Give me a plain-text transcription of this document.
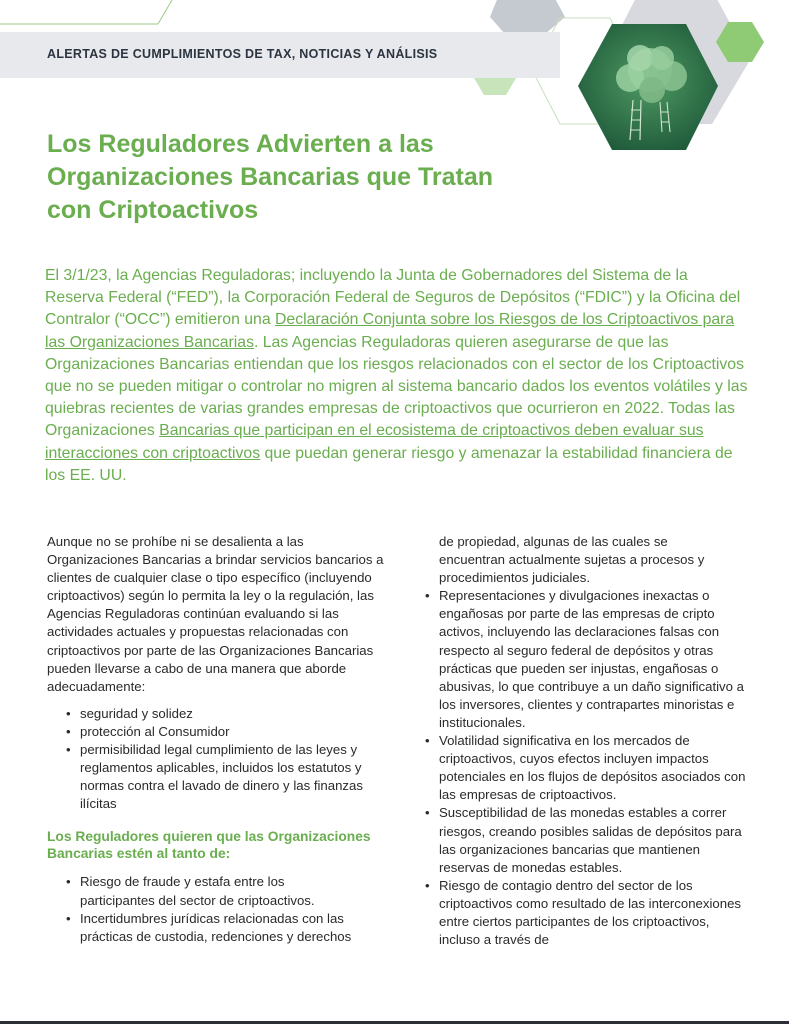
ALERTAS DE CUMPLIMIENTOS DE TAX, NOTICIAS Y ANÁLISIS
Los Reguladores Advierten a las
Organizaciones Bancarias que Tratan
con Criptoactivos

El 3/1/23, la Agencias Reguladoras; incluyendo la Junta de Gobernadores del Sistema de la Reserva Federal (“FED”), la Corporación Federal de Seguros de Depósitos (“FDIC”) y la Oficina del Contralor (“OCC”) emitieron una Declaración Conjunta sobre los Riesgos de los Criptoactivos para las Organizaciones Bancarias. Las Agencias Reguladoras quieren asegurarse de que las Organizaciones Bancarias entiendan que los riesgos relacionados con el sector de los Criptoactivos que no se pueden mitigar o controlar no migren al sistema bancario dados los eventos volátiles y las quiebras recientes de varias grandes empresas de criptoactivos que ocurrieron en 2022. Todas las Organizaciones Bancarias que participan en el ecosistema de criptoactivos deben evaluar sus interacciones con criptoactivos que puedan generar riesgo y amenazar la estabilidad financiera de los EE. UU.

Aunque no se prohíbe ni se desalienta a las Organizaciones Bancarias a brindar servicios bancarios a clientes de cualquier clase o tipo específico (incluyendo criptoactivos) según lo permita la ley o la regulación, las Agencias Reguladoras continúan evaluando si las actividades actuales y propuestas relacionadas con criptoactivos por parte de las Organizaciones Bancarias pueden llevarse a cabo de una manera que aborde adecuadamente:

• seguridad y solidez
• protección al Consumidor
• permisibilidad legal cumplimiento de las leyes y reglamentos aplicables, incluidos los estatutos y normas contra el lavado de dinero y las finanzas ilícitas

Los Reguladores quieren que las Organizaciones Bancarias estén al tanto de:

• Riesgo de fraude y estafa entre los participantes del sector de criptoactivos.
• Incertidumbres jurídicas relacionadas con las prácticas de custodia, redenciones y derechos

de propiedad, algunas de las cuales se encuentran actualmente sujetas a procesos y procedimientos judiciales.

• Representaciones y divulgaciones inexactas o engañosas por parte de las empresas de cripto activos, incluyendo las declaraciones falsas con respecto al seguro federal de depósitos y otras prácticas que pueden ser injustas, engañosas o abusivas, lo que contribuye a un daño significativo a los inversores, clientes y contrapartes minoristas e institucionales.
• Volatilidad significativa en los mercados de criptoactivos, cuyos efectos incluyen impactos potenciales en los flujos de depósitos asociados con las empresas de criptoactivos.
• Susceptibilidad de las monedas estables a correr riesgos, creando posibles salidas de depósitos para las organizaciones bancarias que mantienen reservas de monedas estables.
• Riesgo de contagio dentro del sector de los criptoactivos como resultado de las interconexiones entre ciertos participantes de los criptoactivos, incluso a través de
